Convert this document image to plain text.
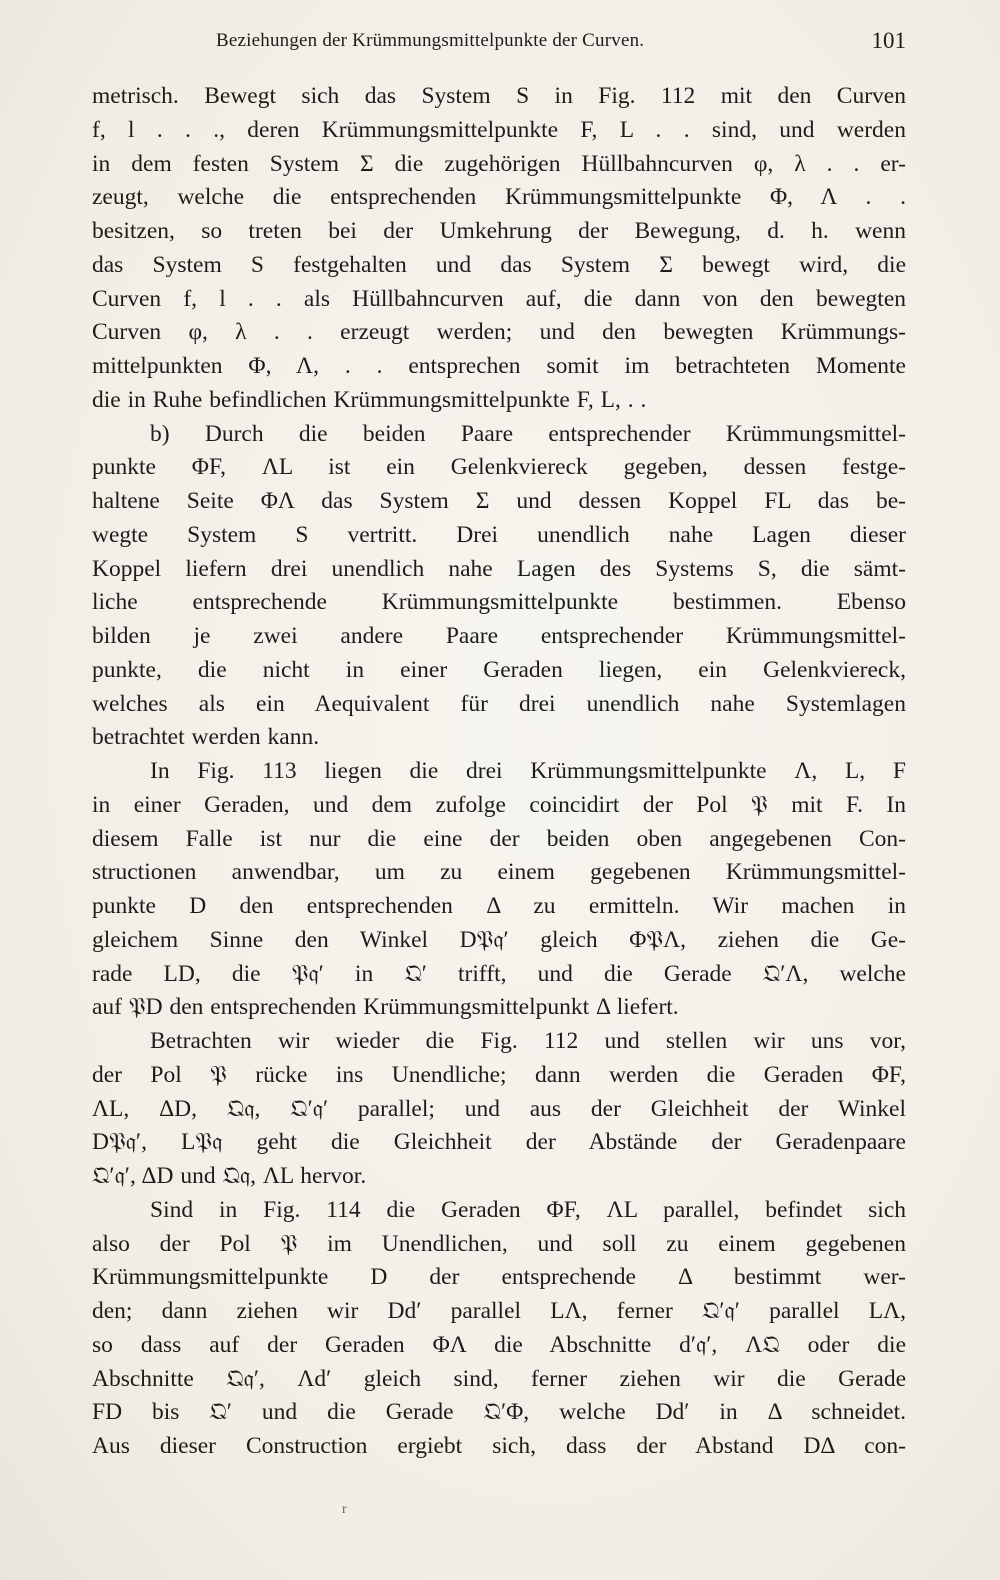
Beziehungen der Krümmungsmittelpunkte der Curven.	101
metrisch. Bewegt sich das System S in Fig. 112 mit den Curven
f, l . . ., deren Krümmungsmittelpunkte F, L . . sind, und werden
in dem festen System Σ die zugehörigen Hüllbahncurven φ, λ . . er-
zeugt, welche die entsprechenden Krümmungsmittelpunkte Φ, Λ . .
besitzen, so treten bei der Umkehrung der Bewegung, d. h. wenn
das System S festgehalten und das System Σ bewegt wird, die
Curven f, l . . als Hüllbahncurven auf, die dann von den bewegten
Curven φ, λ . . erzeugt werden; und den bewegten Krümmungs-
mittelpunkten Φ, Λ, . . entsprechen somit im betrachteten Momente
die in Ruhe befindlichen Krümmungsmittelpunkte F, L, . .
b) Durch die beiden Paare entsprechender Krümmungsmittel-
punkte ΦF, ΛL ist ein Gelenkviereck gegeben, dessen festge-
haltene Seite ΦΛ das System Σ und dessen Koppel FL das be-
wegte System S vertritt. Drei unendlich nahe Lagen dieser
Koppel liefern drei unendlich nahe Lagen des Systems S, die sämt-
liche entsprechende Krümmungsmittelpunkte bestimmen. Ebenso
bilden je zwei andere Paare entsprechender Krümmungsmittel-
punkte, die nicht in einer Geraden liegen, ein Gelenkviereck,
welches als ein Aequivalent für drei unendlich nahe Systemlagen
betrachtet werden kann.
In Fig. 113 liegen die drei Krümmungsmittelpunkte Λ, L, F
in einer Geraden, und dem zufolge coincidirt der Pol 𝔓 mit F. In
diesem Falle ist nur die eine der beiden oben angegebenen Con-
structionen anwendbar, um zu einem gegebenen Krümmungsmittel-
punkte D den entsprechenden Δ zu ermitteln. Wir machen in
gleichem Sinne den Winkel D𝔓𝔮′ gleich Φ𝔓Λ, ziehen die Ge-
rade LD, die 𝔓𝔮′ in 𝔔′ trifft, und die Gerade 𝔔′Λ, welche
auf 𝔓D den entsprechenden Krümmungsmittelpunkt Δ liefert.
Betrachten wir wieder die Fig. 112 und stellen wir uns vor,
der Pol 𝔓 rücke ins Unendliche; dann werden die Geraden ΦF,
ΛL, ΔD, 𝔔𝔮, 𝔔′𝔮′ parallel; und aus der Gleichheit der Winkel
D𝔓𝔮′, L𝔓𝔮 geht die Gleichheit der Abstände der Geradenpaare
𝔔′𝔮′, ΔD und 𝔔𝔮, ΛL hervor.
Sind in Fig. 114 die Geraden ΦF, ΛL parallel, befindet sich
also der Pol 𝔓 im Unendlichen, und soll zu einem gegebenen
Krümmungsmittelpunkte D der entsprechende Δ bestimmt wer-
den; dann ziehen wir Dd′ parallel LΛ, ferner 𝔔′𝔮′ parallel LΛ,
so dass auf der Geraden ΦΛ die Abschnitte d′𝔮′, Λ𝔔 oder die
Abschnitte 𝔔𝔮′, Λd′ gleich sind, ferner ziehen wir die Gerade
FD bis 𝔔′ und die Gerade 𝔔′Φ, welche Dd′ in Δ schneidet.
Aus dieser Construction ergiebt sich, dass der Abstand DΔ con-
r
